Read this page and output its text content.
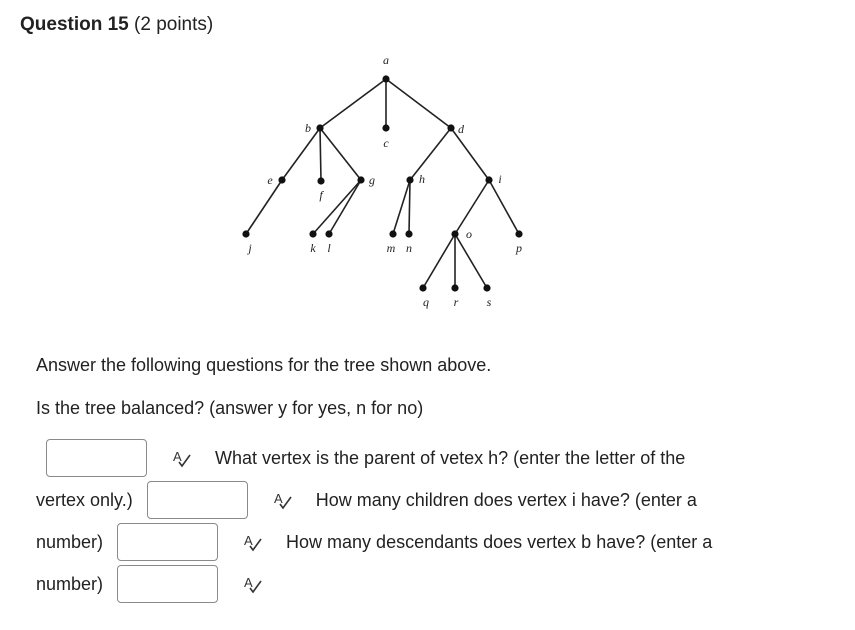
Question 15 (2 points)
a
b
c
d
e
f
g	h	i
j	k l	m n
o
p
q r s
Answer the following questions for the tree shown above.
Is the tree balanced? (answer y for yes, n for no)
A What vertex is the parent of vetex h? (enter the letter of the
vertex only.)	A How many children does vertex i have? (enter a
number)	A How many descendants does vertex b have? (enter a
number)	A
